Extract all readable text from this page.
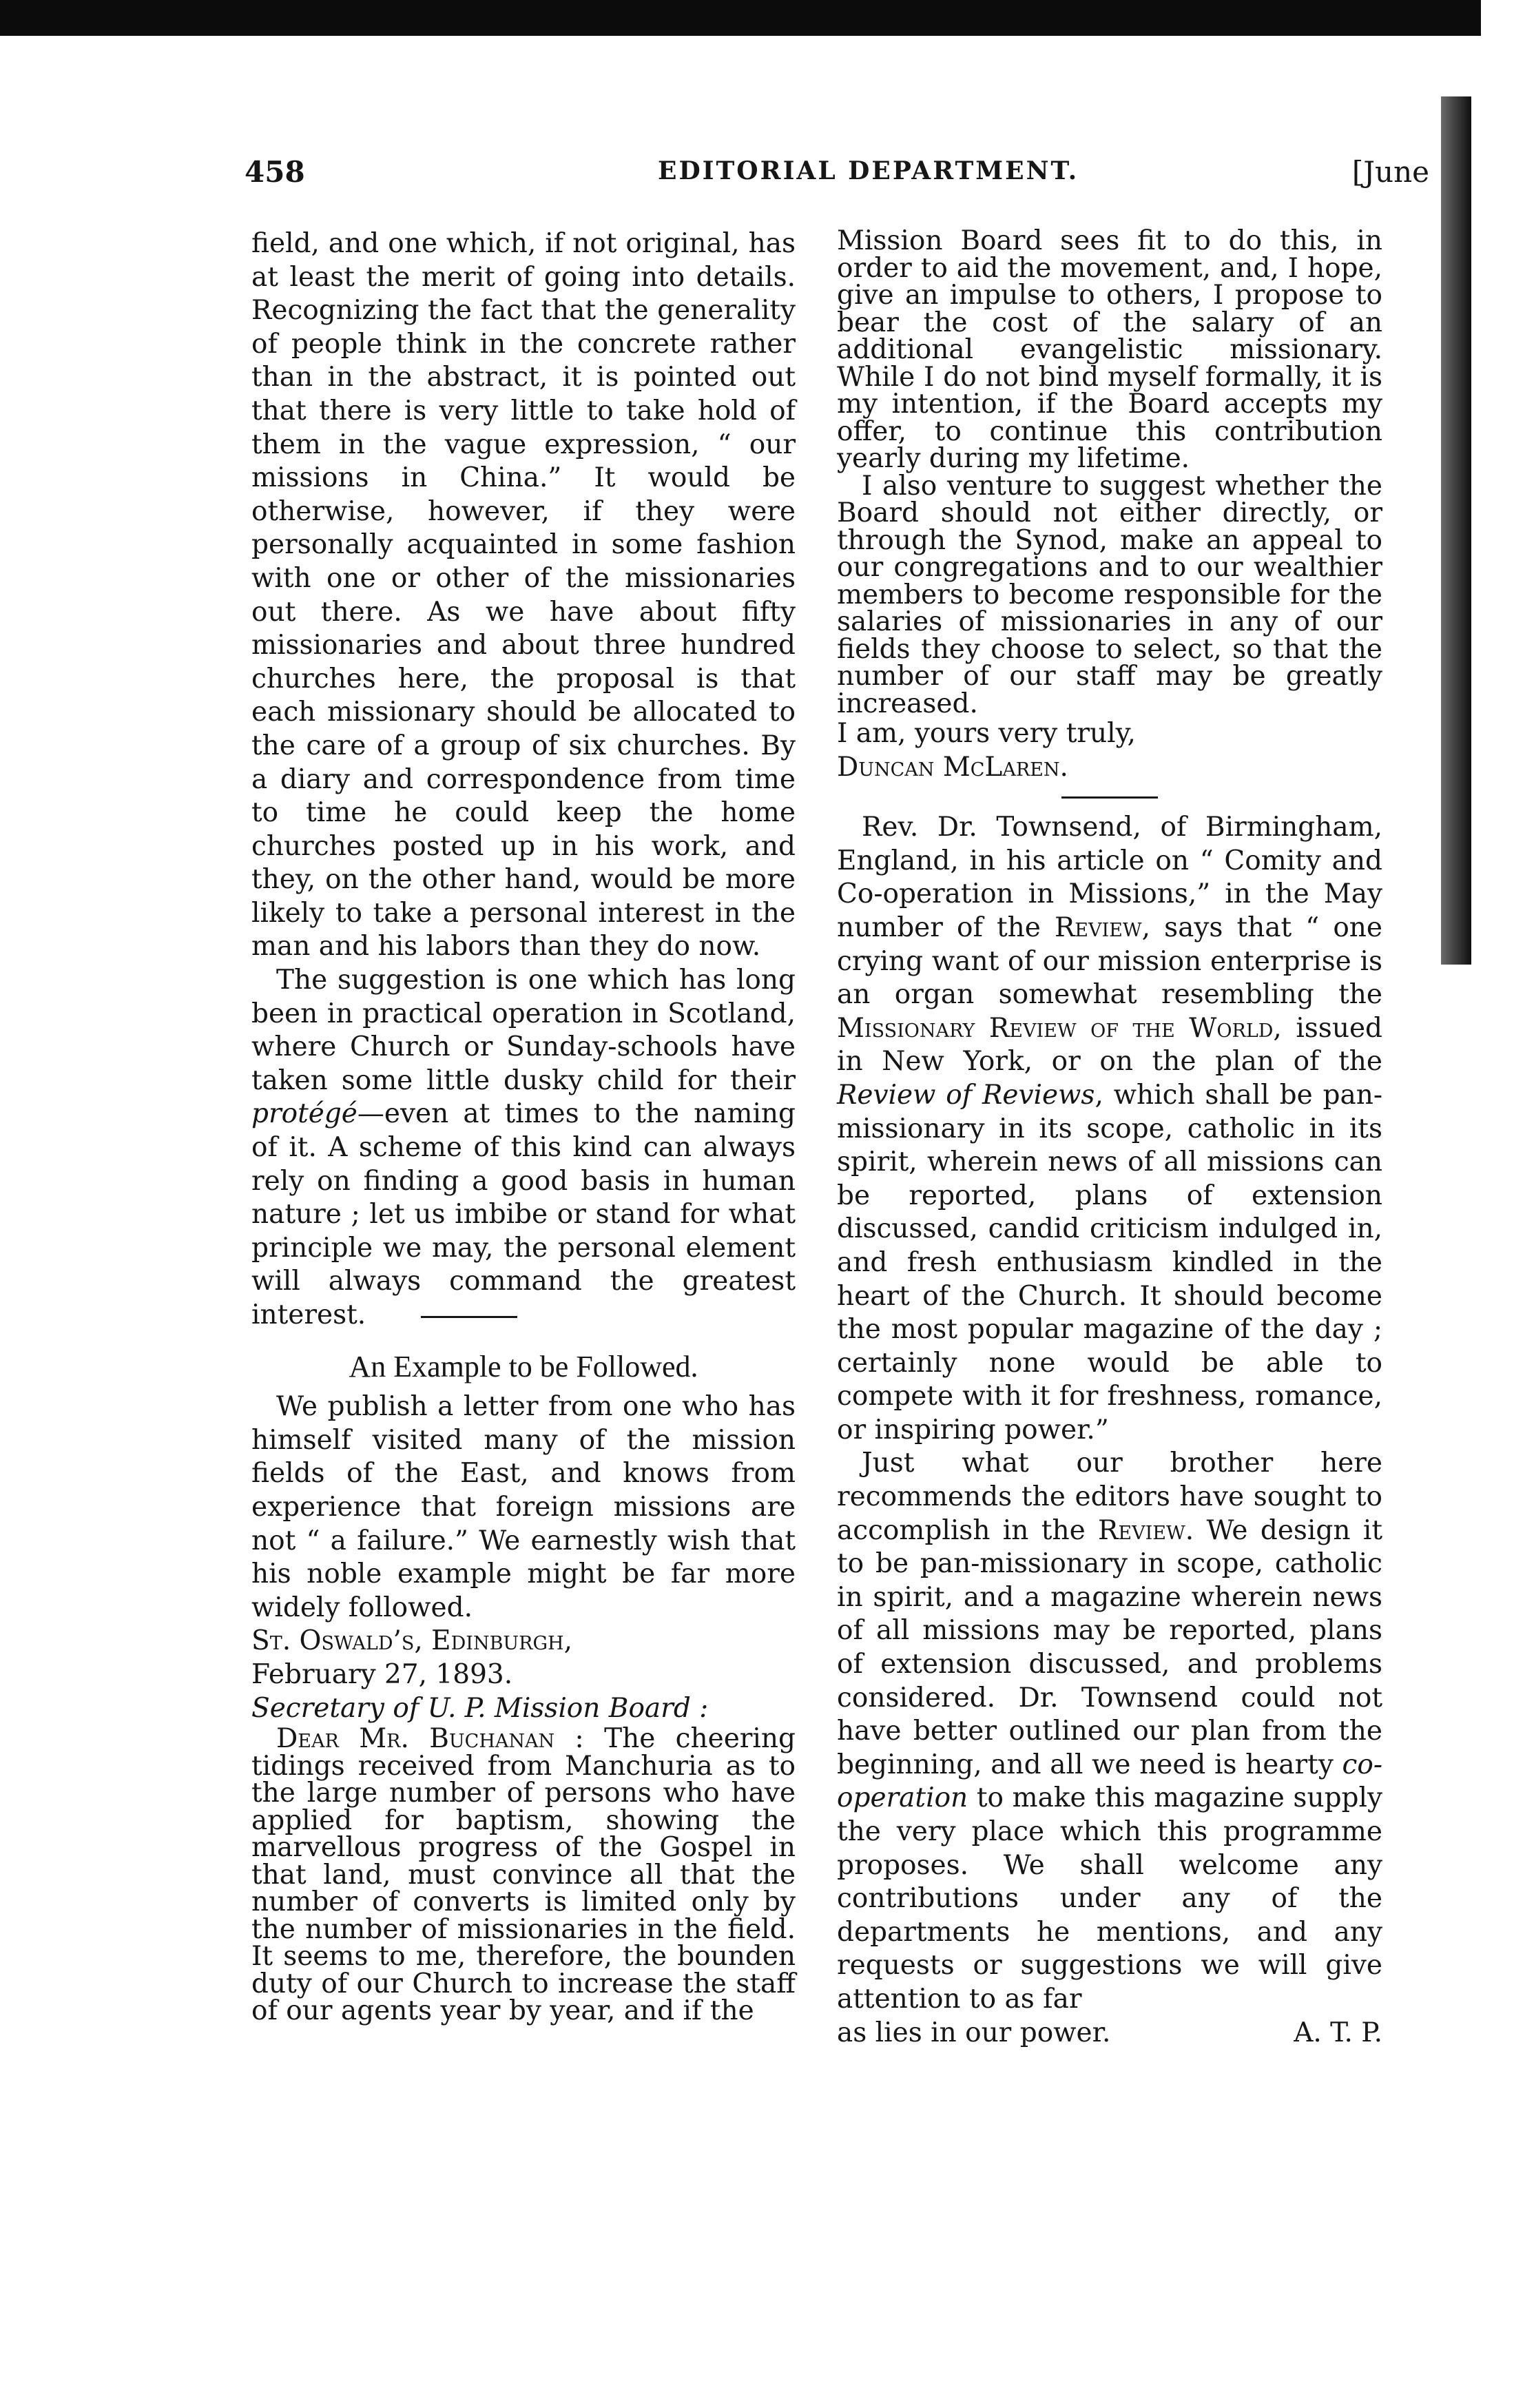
458	EDITORIAL DEPARTMENT.	[June

field, and one which, if not original, has at least the merit of going into details. Recognizing the fact that the generality of people think in the concrete rather than in the abstract, it is pointed out that there is very little to take hold of them in the vague expression, “ our missions in China.” It would be otherwise, however, if they were personally acquainted in some fashion with one or other of the missionaries out there. As we have about fifty missionaries and about three hundred churches here, the proposal is that each missionary should be allocated to the care of a group of six churches. By a diary and correspondence from time to time he could keep the home churches posted up in his work, and they, on the other hand, would be more likely to take a personal interest in the man and his labors than they do now.

The suggestion is one which has long been in practical operation in Scotland, where Church or Sunday-schools have taken some little dusky child for their protégé—even at times to the naming of it. A scheme of this kind can always rely on finding a good basis in human nature ; let us imbibe or stand for what principle we may, the personal element will always command the greatest interest.

An Example to be Followed.

We publish a letter from one who has himself visited many of the mission fields of the East, and knows from experience that foreign missions are not “ a failure.” We earnestly wish that his noble example might be far more widely followed.

St. Oswald’s, Edinburgh,

February 27, 1893.

Secretary of U. P. Mission Board :

Dear Mr. Buchanan : The cheering tidings received from Manchuria as to the large number of persons who have applied for baptism, showing the marvellous progress of the Gospel in that land, must convince all that the number of converts is limited only by the number of missionaries in the field. It seems to me, therefore, the bounden duty of our Church to increase the staff of our agents year by year, and if the

Mission Board sees fit to do this, in order to aid the movement, and, I hope, give an impulse to others, I propose to bear the cost of the salary of an additional evangelistic missionary. While I do not bind myself formally, it is my intention, if the Board accepts my offer, to continue this contribution yearly during my lifetime.

I also venture to suggest whether the Board should not either directly, or through the Synod, make an appeal to our congregations and to our wealthier members to become responsible for the salaries of missionaries in any of our fields they choose to select, so that the number of our staff may be greatly increased.

I am, yours very truly,

Duncan McLaren.

Rev. Dr. Townsend, of Birmingham, England, in his article on “ Comity and Co-operation in Missions,” in the May number of the Review, says that “ one crying want of our mission enterprise is an organ somewhat resembling the Missionary Review of the World, issued in New York, or on the plan of the Review of Reviews, which shall be pan-missionary in its scope, catholic in its spirit, wherein news of all missions can be reported, plans of extension discussed, candid criticism indulged in, and fresh enthusiasm kindled in the heart of the Church. It should become the most popular magazine of the day ; certainly none would be able to compete with it for freshness, romance, or inspiring power.”

Just what our brother here recommends the editors have sought to accomplish in the Review. We design it to be pan-missionary in scope, catholic in spirit, and a magazine wherein news of all missions may be reported, plans of extension discussed, and problems considered. Dr. Townsend could not have better outlined our plan from the beginning, and all we need is hearty co-operation to make this magazine supply the very place which this programme proposes. We shall welcome any contributions under any of the departments he mentions, and any requests or suggestions we will give attention to as far

as lies in our power.	A. T. P.
